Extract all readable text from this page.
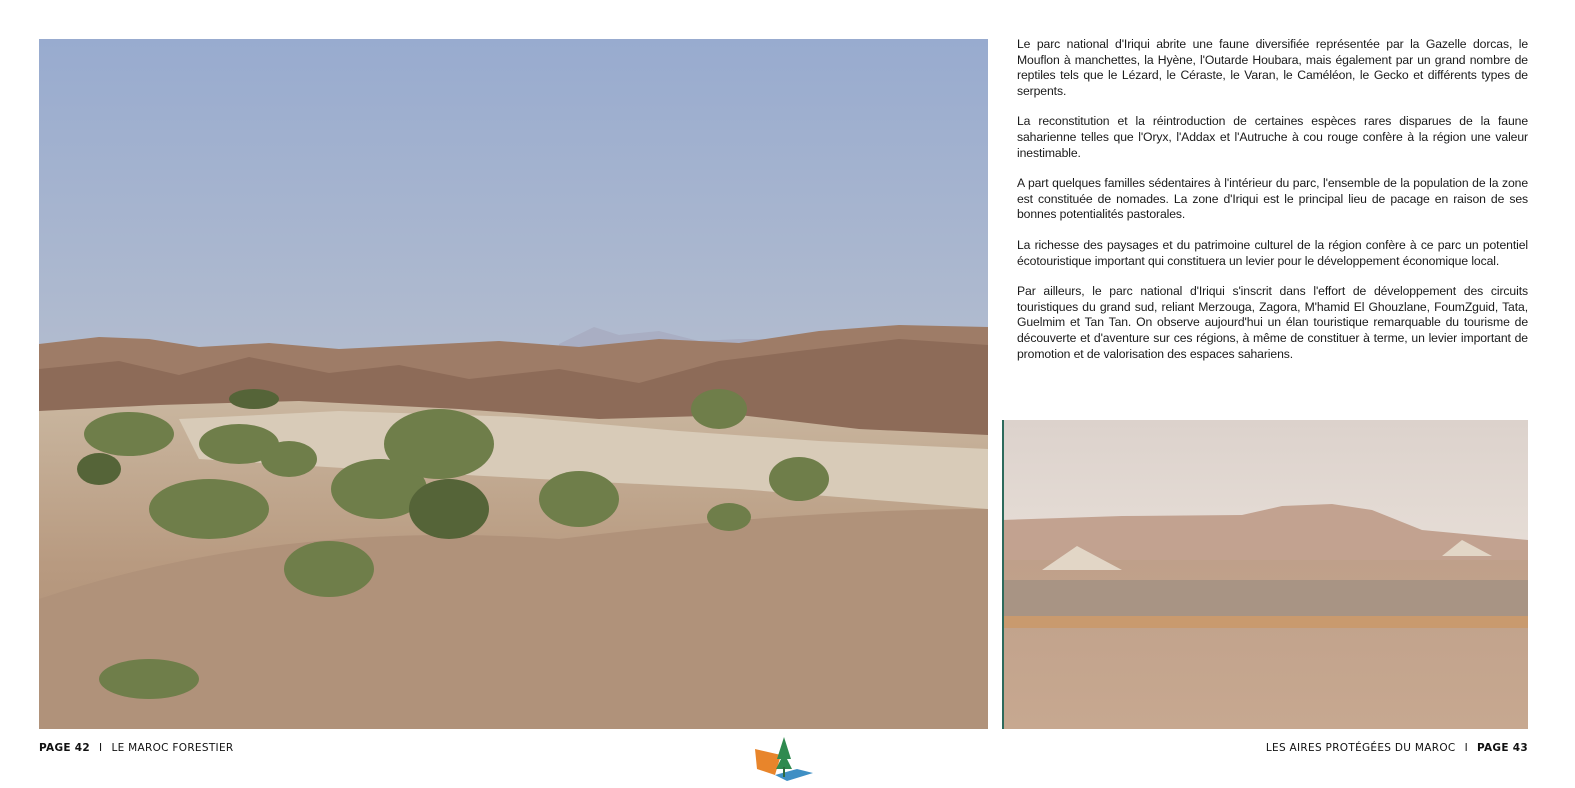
Le parc national d'Iriqui abrite une faune diversifiée représentée par la Gazelle dorcas, le Mouflon à manchettes, la Hyène, l'Outarde Houbara, mais également par un grand nombre de reptiles tels que le Lézard, le Céraste, le Varan, le Caméléon, le Gecko et différents types de serpents.

La reconstitution et la réintroduction de certaines espèces rares disparues de la faune saharienne telles que l'Oryx, l'Addax et l'Autruche à cou rouge confère à la région une valeur inestimable.

A part quelques familles sédentaires à l'intérieur du parc, l'ensemble de la population de la zone est constituée de nomades. La zone d'Iriqui est le principal lieu de pacage en raison de ses bonnes potentialités pastorales.

La richesse des paysages et du patrimoine culturel de la région confère à ce parc un potentiel écotouristique important qui constituera un levier pour le développement économique local.

Par ailleurs, le parc national d'Iriqui s'inscrit dans l'effort de développement des circuits touristiques du grand sud, reliant Merzouga, Zagora, M'hamid El Ghouzlane, FoumZguid, Tata, Guelmim et Tan Tan. On observe aujourd'hui un élan touristique remarquable du tourisme de découverte et d'aventure sur ces régions, à même de constituer à terme, un levier important de promotion et de valorisation des espaces sahariens.

PAGE 42 I LE MAROC FORESTIER	LES AIRES PROTÉGÉES DU MAROC I PAGE 43
